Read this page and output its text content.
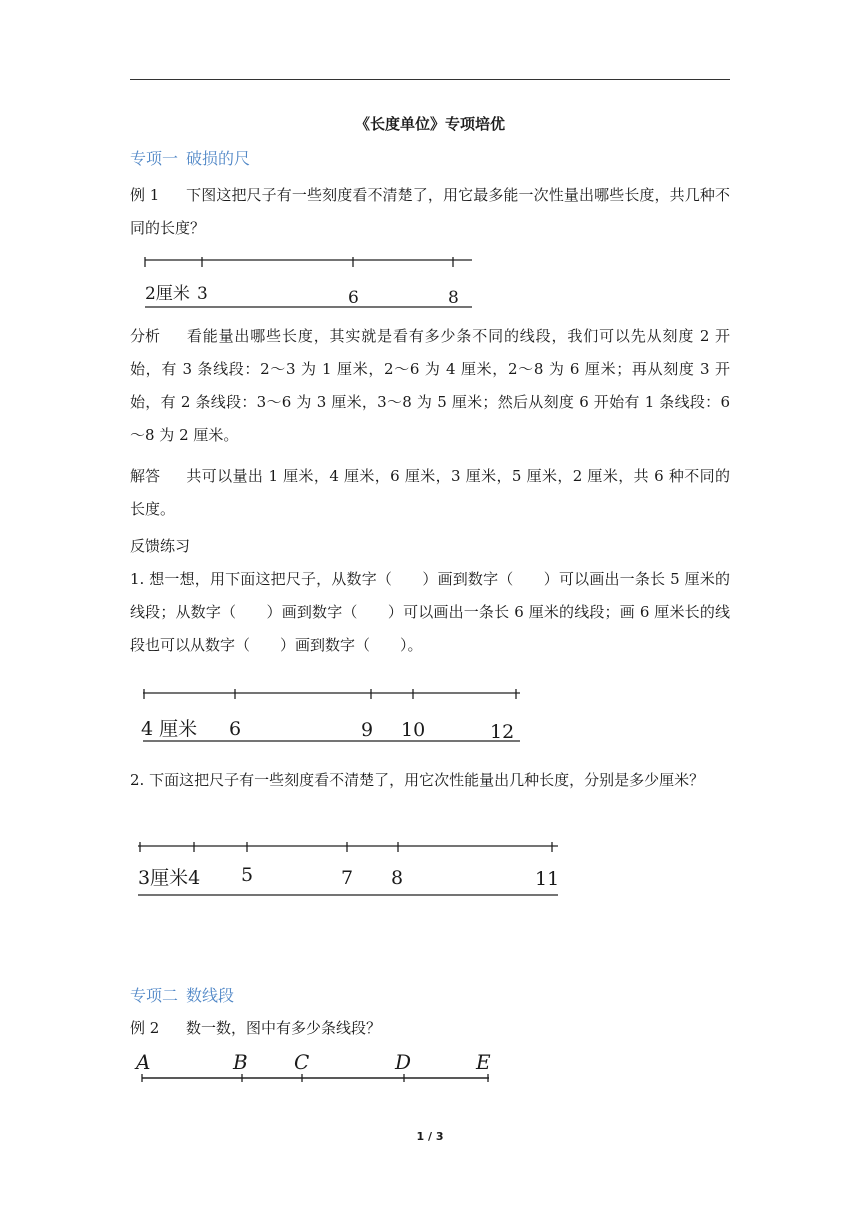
《长度单位》专项培优
专项一 破损的尺
例 1 下图这把尺子有一些刻度看不清楚了，用它最多能一次性量出哪些长度，共几种不同的长度？
2厘米 3	6	8
分析 看能量出哪些长度，其实就是看有多少条不同的线段，我们可以先从刻度 2 开始，有 3 条线段：2～3 为 1 厘米，2～6 为 4 厘米，2～8 为 6 厘米；再从刻度 3 开始，有 2 条线段：3～6 为 3 厘米，3～8 为 5 厘米；然后从刻度 6 开始有 1 条线段：6～8 为 2 厘米。
解答 共可以量出 1 厘米，4 厘米，6 厘米，3 厘米，5 厘米，2 厘米，共 6 种不同的长度。
反馈练习
1. 想一想，用下面这把尺子，从数字（　　）画到数字（　　）可以画出一条长 5 厘米的线段；从数字（　　）画到数字（　　）可以画出一条长 6 厘米的线段；画 6 厘米长的线段也可以从数字（　　）画到数字（　　）。
4 厘米 6	9 10	12
2. 下面这把尺子有一些刻度看不清楚了，用它次性能量出几种长度，分别是多少厘米？
3厘米4 5	7 8	11
专项二 数线段
例 2 数一数，图中有多少条线段？
A	B C	D	E
1 / 3
